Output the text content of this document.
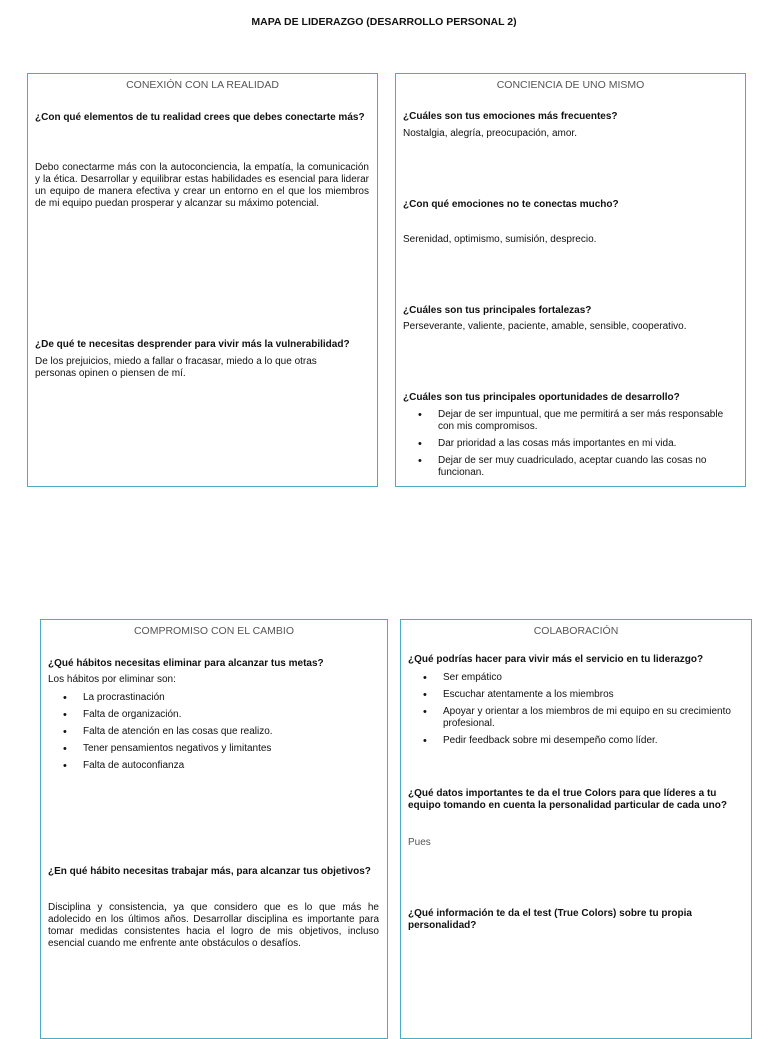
MAPA DE LIDERAZGO (DESARROLLO PERSONAL 2)
CONEXIÓN CON LA REALIDAD
¿Con qué elementos de tu realidad crees que debes conectarte más?
Debo conectarme más con la autoconciencia, la empatía, la comunicación y la ética. Desarrollar y equilibrar estas habilidades es esencial para liderar un equipo de manera efectiva y crear un entorno en el que los miembros de mi equipo puedan prosperar y alcanzar su máximo potencial.
¿De qué te necesitas desprender para vivir más la vulnerabilidad?
De los prejuicios, miedo a fallar o fracasar, miedo a lo que otras personas opinen o piensen de mí.
CONCIENCIA DE UNO MISMO
¿Cuáles son tus emociones más frecuentes?
Nostalgia, alegría, preocupación, amor.
¿Con qué emociones no te conectas mucho?
Serenidad, optimismo, sumisión, desprecio.
¿Cuáles son tus principales fortalezas?
Perseverante, valiente, paciente, amable, sensible, cooperativo.
¿Cuáles son tus principales oportunidades de desarrollo?
• Dejar de ser impuntual, que me permitirá a ser más responsable con mis compromisos.
• Dar prioridad a las cosas más importantes en mi vida.
• Dejar de ser muy cuadriculado, aceptar cuando las cosas no funcionan.
COMPROMISO CON EL CAMBIO
¿Qué hábitos necesitas eliminar para alcanzar tus metas?
Los hábitos por eliminar son:
• La procrastinación
• Falta de organización.
• Falta de atención en las cosas que realizo.
• Tener pensamientos negativos y limitantes
• Falta de autoconfianza
¿En qué hábito necesitas trabajar más, para alcanzar tus objetivos?
Disciplina y consistencia, ya que considero que es lo que más he adolecido en los últimos años. Desarrollar disciplina es importante para tomar medidas consistentes hacia el logro de mis objetivos, incluso esencial cuando me enfrente ante obstáculos o desafíos.
COLABORACIÓN
¿Qué podrías hacer para vivir más el servicio en tu liderazgo?
• Ser empático
• Escuchar atentamente a los miembros
• Apoyar y orientar a los miembros de mi equipo en su crecimiento profesional.
• Pedir feedback sobre mi desempeño como líder.
¿Qué datos importantes te da el true Colors para que líderes a tu equipo tomando en cuenta la personalidad particular de cada uno?
Pues
¿Qué información te da el test (True Colors) sobre tu propia personalidad?
